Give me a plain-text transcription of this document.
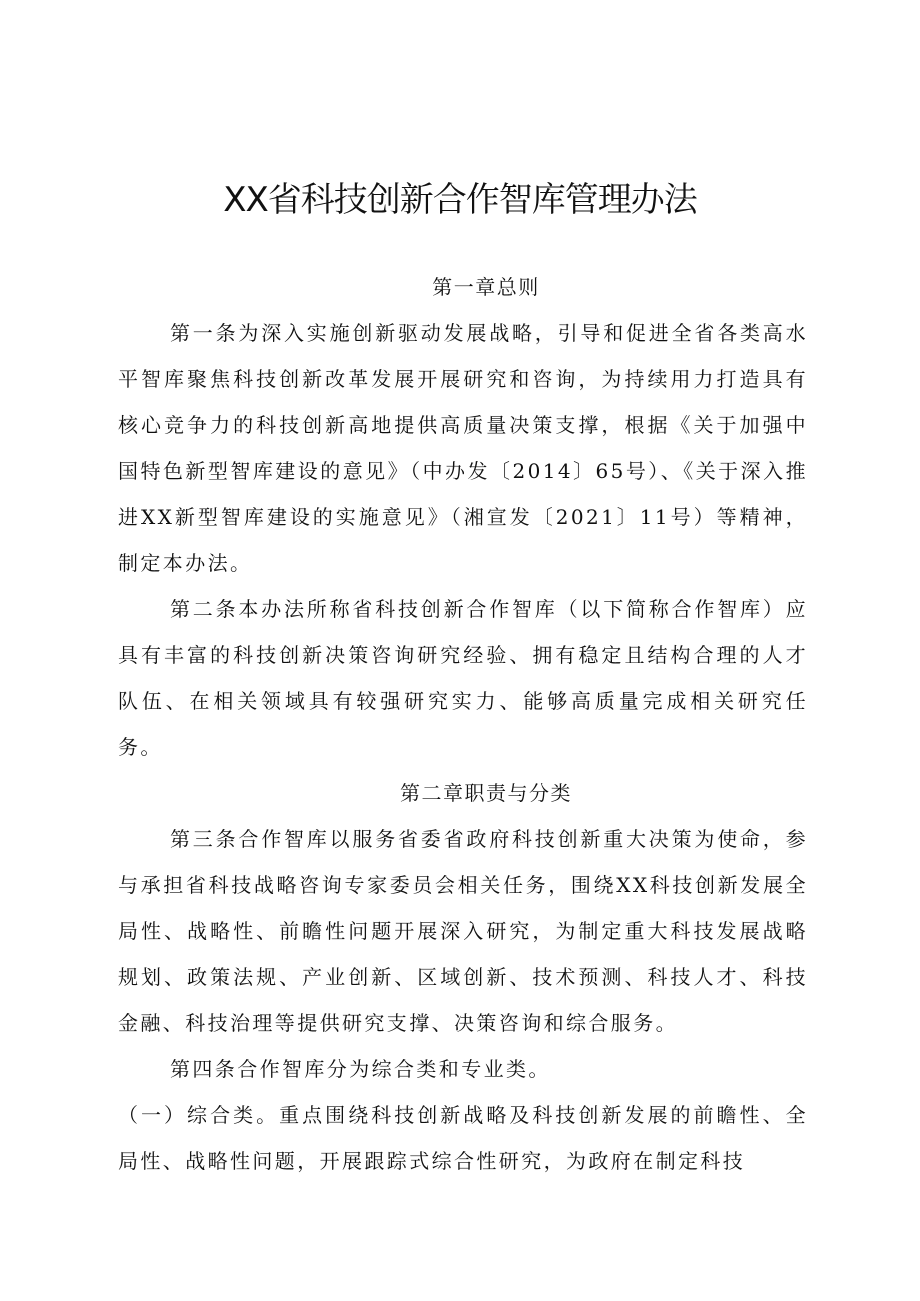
XX省科技创新合作智库管理办法
第一章总则

第一条为深入实施创新驱动发展战略，引导和促进全省各类高水平智库聚焦科技创新改革发展开展研究和咨询，为持续用力打造具有核心竞争力的科技创新高地提供高质量决策支撑，根据《关于加强中国特色新型智库建设的意见》（中办发〔2014〕65号）、《关于深入推进XX新型智库建设的实施意见》（湘宣发〔2021〕11号）等精神，制定本办法。

第二条本办法所称省科技创新合作智库（以下简称合作智库）应具有丰富的科技创新决策咨询研究经验、拥有稳定且结构合理的人才队伍、在相关领域具有较强研究实力、能够高质量完成相关研究任务。

第二章职责与分类

第三条合作智库以服务省委省政府科技创新重大决策为使命，参与承担省科技战略咨询专家委员会相关任务，围绕XX科技创新发展全局性、战略性、前瞻性问题开展深入研究，为制定重大科技发展战略规划、政策法规、产业创新、区域创新、技术预测、科技人才、科技金融、科技治理等提供研究支撑、决策咨询和综合服务。

第四条合作智库分为综合类和专业类。

（一）综合类。重点围绕科技创新战略及科技创新发展的前瞻性、全局性、战略性问题，开展跟踪式综合性研究，为政府在制定科技
